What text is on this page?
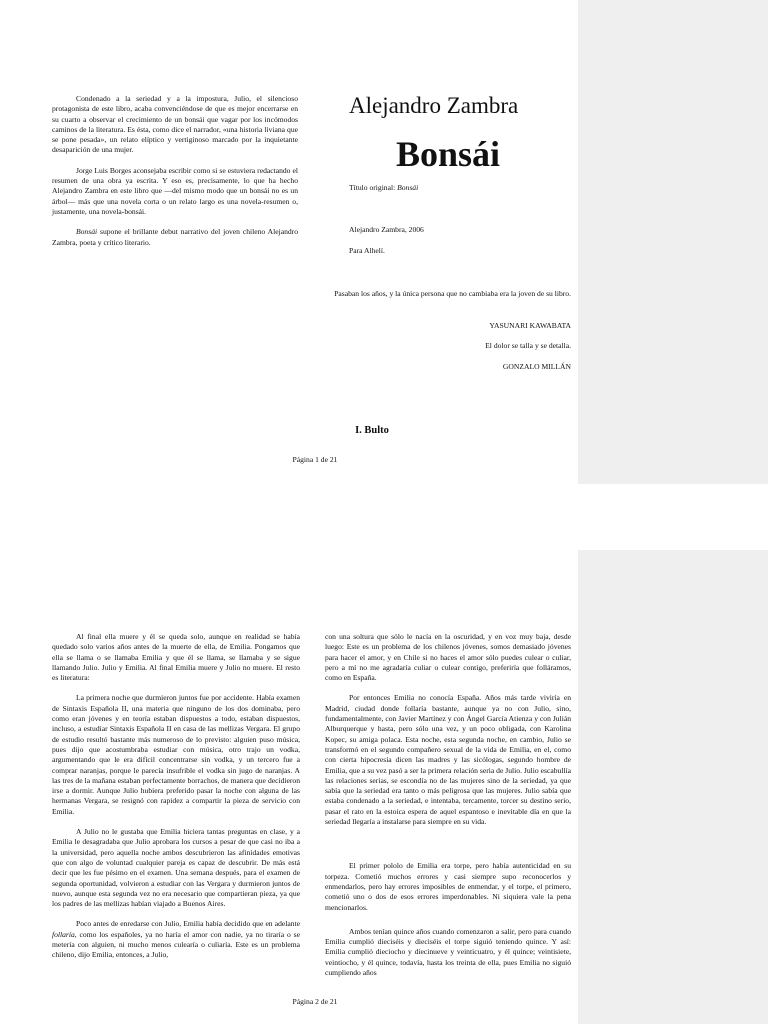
Condenado a la seriedad y a la impostura, Julio, el silencioso protagonista de este libro, acaba convenciéndose de que es mejor encerrarse en su cuarto a observar el crecimiento de un bonsái que vagar por los incómodos caminos de la literatura. Es ésta, como dice el narrador, «una historia liviana que se pone pesada», un relato elíptico y vertiginoso marcado por la inquietante desaparición de una mujer.

Jorge Luis Borges aconsejaba escribir como si se estuviera redactando el resumen de una obra ya escrita. Y eso es, precisamente, lo que ha hecho Alejandro Zambra en este libro que —del mismo modo que un bonsái no es un árbol— más que una novela corta o un relato largo es una novela-resumen o, justamente, una novela-bonsái.

Bonsái supone el brillante debut narrativo del joven chileno Alejandro Zambra, poeta y crítico literario.

Alejandro Zambra
Bonsái
Título original: Bonsái
Alejandro Zambra, 2006
Para Alhelí.
Pasaban los años, y la única persona que no cambiaba era la joven de su libro.
YASUNARI KAWABATA
El dolor se talla y se detalla.
GONZALO MILLÁN
I. Bulto
Página 1 de 21

Al final ella muere y él se queda solo, aunque en realidad se había quedado solo varios años antes de la muerte de ella, de Emilia. Pongamos que ella se llama o se llamaba Emilia y que él se llama, se llamaba y se sigue llamando Julio. Julio y Emilia. Al final Emilia muere y Julio no muere. El resto es literatura:

La primera noche que durmieron juntos fue por accidente. Había examen de Sintaxis Española II, una materia que ninguno de los dos dominaba, pero como eran jóvenes y en teoría estaban dispuestos a todo, estaban dispuestos, incluso, a estudiar Sintaxis Española II en casa de las mellizas Vergara. El grupo de estudio resultó bastante más numeroso de lo previsto: alguien puso música, pues dijo que acostumbraba estudiar con música, otro trajo un vodka, argumentando que le era difícil concentrarse sin vodka, y un tercero fue a comprar naranjas, porque le parecía insufrible el vodka sin jugo de naranjas. A las tres de la mañana estaban perfectamente borrachos, de manera que decidieron irse a dormir. Aunque Julio hubiera preferido pasar la noche con alguna de las hermanas Vergara, se resignó con rapidez a compartir la pieza de servicio con Emilia.

A Julio no le gustaba que Emilia hiciera tantas preguntas en clase, y a Emilia le desagradaba que Julio aprobara los cursos a pesar de que casi no iba a la universidad, pero aquella noche ambos descubrieron las afinidades emotivas que con algo de voluntad cualquier pareja es capaz de descubrir. De más está decir que les fue pésimo en el examen. Una semana después, para el examen de segunda oportunidad, volvieron a estudiar con las Vergara y durmieron juntos de nuevo, aunque esta segunda vez no era necesario que compartieran pieza, ya que los padres de las mellizas habían viajado a Buenos Aires.

Poco antes de enredarse con Julio, Emilia había decidido que en adelante follaría, como los españoles, ya no haría el amor con nadie, ya no tiraría o se metería con alguien, ni mucho menos culearía o culiaría. Este es un problema chileno, dijo Emilia, entonces, a Julio,

con una soltura que sólo le nacía en la oscuridad, y en voz muy baja, desde luego: Este es un problema de los chilenos jóvenes, somos demasiado jóvenes para hacer el amor, y en Chile si no haces el amor sólo puedes culear o culiar, pero a mí no me agradaría culiar o culear contigo, preferiría que folláramos, como en España.

Por entonces Emilia no conocía España. Años más tarde viviría en Madrid, ciudad donde follaría bastante, aunque ya no con Julio, sino, fundamentalmente, con Javier Martínez y con Ángel García Atienza y con Julián Alburquerque y hasta, pero sólo una vez, y un poco obligada, con Karolina Kopec, su amiga polaca. Esta noche, esta segunda noche, en cambio, Julio se transformó en el segundo compañero sexual de la vida de Emilia, en el, como con cierta hipocresía dicen las madres y las sicólogas, segundo hombre de Emilia, que a su vez pasó a ser la primera relación seria de Julio. Julio escabullía las relaciones serias, se escondía no de las mujeres sino de la seriedad, ya que sabía que la seriedad era tanto o más peligrosa que las mujeres. Julio sabía que estaba condenado a la seriedad, e intentaba, tercamente, torcer su destino serio, pasar el rato en la estoica espera de aquel espantoso e inevitable día en que la seriedad llegaría a instalarse para siempre en su vida.

El primer pololo de Emilia era torpe, pero había autenticidad en su torpeza. Cometió muchos errores y casi siempre supo reconocerlos y enmendarlos, pero hay errores imposibles de enmendar, y el torpe, el primero, cometió uno o dos de esos errores imperdonables. Ni siquiera vale la pena mencionarlos.

Ambos tenían quince años cuando comenzaron a salir, pero para cuando Emilia cumplió dieciséis y dieciséis el torpe siguió teniendo quince. Y así: Emilia cumplió dieciocho y diecinueve y veinticuatro, y él quince; veintisiete, veintiocho, y él quince, todavía, hasta los treinta de ella, pues Emilia no siguió cumpliendo años

Página 2 de 21
